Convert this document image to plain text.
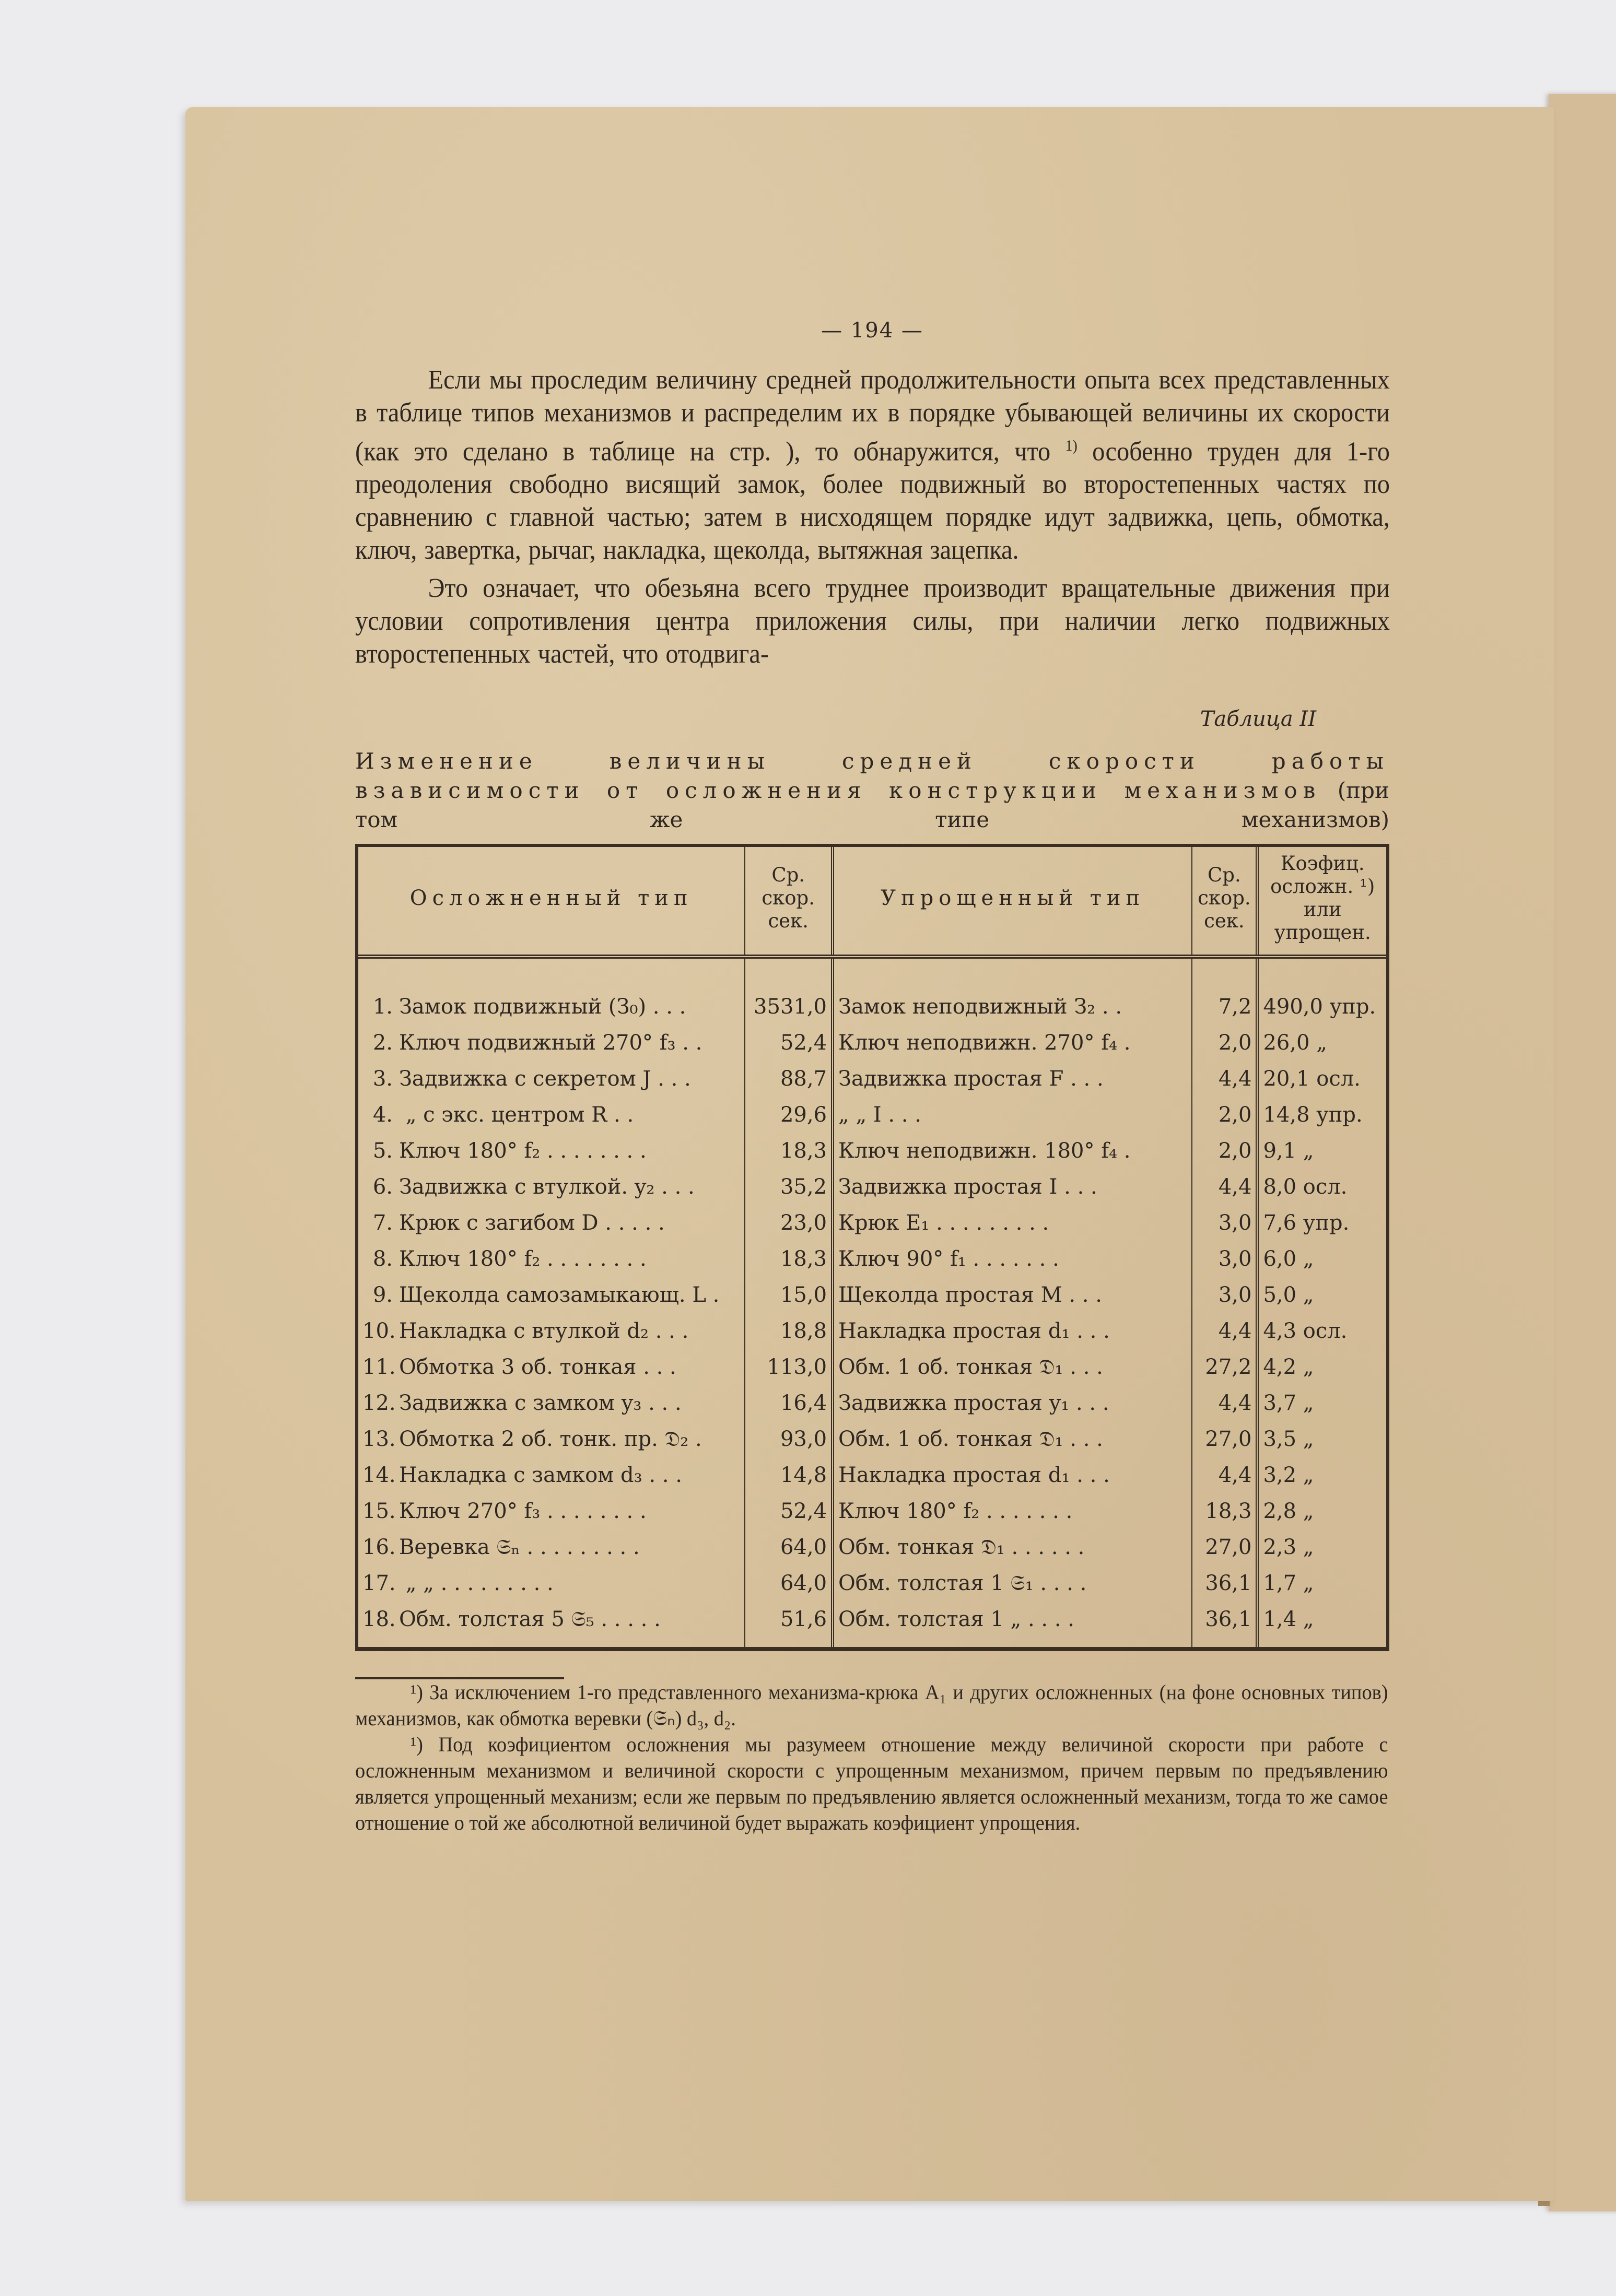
— 194 —

Если мы проследим величину средней продолжительности опыта всех представленных в таблице типов механизмов и распределим их в порядке убывающей величины их скорости (как это сделано в таблице на стр. ), то обнаружится, что $^{1)}$ особенно труден для 1-го преодоления свободно висящий замок, более подвижный во второстепенных частях по сравнению с главной частью; затем в нисходящем порядке идут задвижка, цепь, обмотка, ключ, завертка, рычаг, накладка, щеколда, вытяжная зацепка.

Это означает, что обезьяна всего труднее производит вращательные движения при условии сопротивления центра приложения силы, при наличии легко подвижных второстепенных частей, что отодвига-

Таблица II
Изменение величины средней скорости работы взависимости от осложнения конструкции механизмов (при том же типе механизмов)
Осложненный тип	Ср. скор. сек.	Упрощенный тип	Ср. скор. сек.	Коэфиц. осложн. ¹) или упрощен.
1. Замок подвижный (З₀) . . .	3531,0	Замок неподвижный З₂ . .	7,2	490,0 упр.
2. Ключ подвижный 270° f₃ . .	52,4	Ключ неподвижн. 270° f₄ .	2,0	26,0 „
3. Задвижка с секретом J . . .	88,7	Задвижка простая F . . .	4,4	20,1 осл.
4. „ с экс. центром R . .	29,6	„ „ I . . .	2,0	14,8 упр.
5. Ключ 180° f₂ . . . . . . . .	18,3	Ключ неподвижн. 180° f₄ .	2,0	9,1 „
6. Задвижка с втулкой. y₂ . . .	35,2	Задвижка простая I . . .	4,4	8,0 осл.
7. Крюк с загибом D . . . . .	23,0	Крюк E₁ . . . . . . . . .	3,0	7,6 упр.
8. Ключ 180° f₂ . . . . . . . .	18,3	Ключ 90° f₁ . . . . . . .	3,0	6,0 „
9. Щеколда самозамыкающ. L .	15,0	Щеколда простая M . . .	3,0	5,0 „
10. Накладка с втулкой d₂ . . .	18,8	Накладка простая d₁ . . .	4,4	4,3 осл.
11. Обмотка 3 об. тонкая . . .	113,0	Обм. 1 об. тонкая 𝔇₁ . . .	27,2	4,2 „
12. Задвижка с замком y₃ . . .	16,4	Задвижка простая y₁ . . .	4,4	3,7 „
13. Обмотка 2 об. тонк. пр. 𝔇₂ .	93,0	Обм. 1 об. тонкая 𝔇₁ . . .	27,0	3,5 „
14. Накладка с замком d₃ . . .	14,8	Накладка простая d₁ . . .	4,4	3,2 „
15. Ключ 270° f₃ . . . . . . . .	52,4	Ключ 180° f₂ . . . . . . .	18,3	2,8 „
16. Веревка 𝔖ₙ . . . . . . . . .	64,0	Обм. тонкая 𝔇₁ . . . . . .	27,0	2,3 „
17. „ „ . . . . . . . . .	64,0	Обм. толстая 1 𝔖₁ . . . .	36,1	1,7 „
18. Обм. толстая 5 𝔖₅ . . . . .	51,6	Обм. толстая 1 „ . . . .	36,1	1,4 „

¹) За исключением 1-го представленного механизма-крюка A₁ и других осложненных (на фоне основных типов) механизмов, как обмотка веревки (𝔖ₙ) d₃, d₂.

¹) Под коэфициентом осложнения мы разумеем отношение между величиной скорости при работе с осложненным механизмом и величиной скорости с упрощенным механизмом, причем первым по предъявлению является упрощенный механизм; если же первым по предъявлению является осложненный механизм, тогда то же самое отношение о той же абсолютной величиной будет выражать коэфициент упрощения.
